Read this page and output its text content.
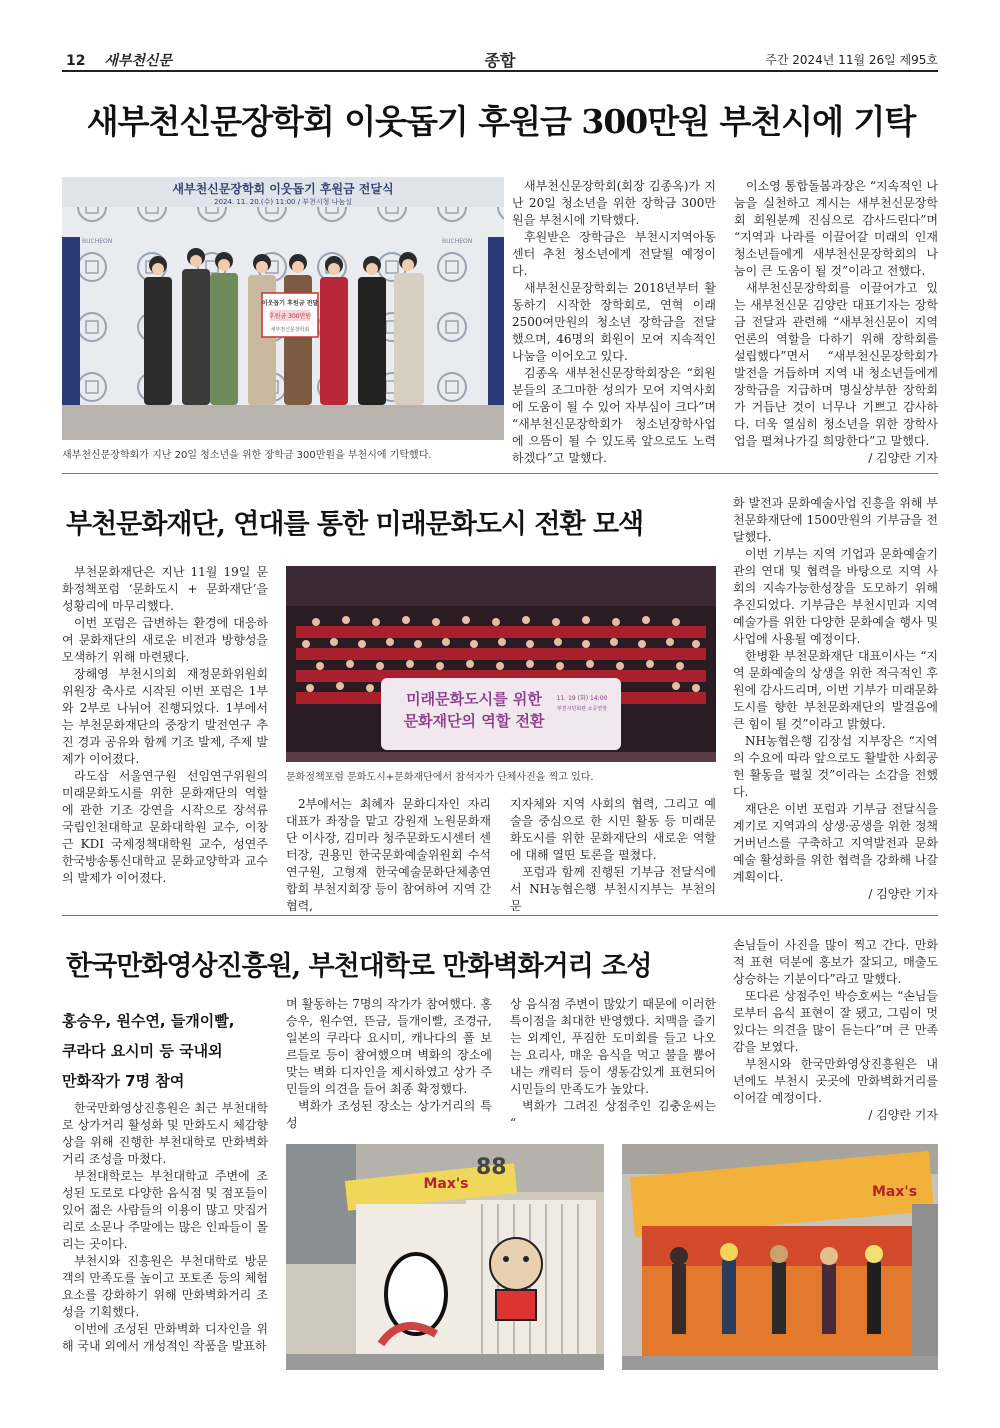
12 새부천신문	종합	주간 2024년 11월 26일 제95호
새부천신문장학회 이웃돕기 후원금 300만원 부천시에 기탁
새부천신문장학회 이웃돕기 후원금 전달식
2024. 11. 20.(수) 11:00 / 부천시청 나눔실
BUCHEON	BUCHEON
이웃돕기 후원금 전달
후원금 300만원
새부천신문장학회
새부천신문장학회가 지난 20일 청소년을 위한 장학금 300만원을 부천시에 기탁했다.

새부천신문장학회(회장 김종옥)가 지난 20일 청소년을 위한 장학금 300만원을 부천시에 기탁했다.

후원받은 장학금은 부천시지역아동센터 추천 청소년에게 전달될 예정이다.

새부천신문장학회는 2018년부터 활동하기 시작한 장학회로, 연혁 이래 2500여만원의 청소년 장학금을 전달했으며, 46명의 회원이 모여 지속적인 나눔을 이어오고 있다.

김종옥 새부천신문장학회장은 “회원분들의 조그마한 성의가 모여 지역사회에 도움이 될 수 있어 자부심이 크다”며 “새부천신문장학회가 청소년장학사업에 으뜸이 될 수 있도록 앞으로도 노력하겠다”고 말했다.

이소영 통합돌봄과장은 “지속적인 나눔을 실천하고 계시는 새부천신문장학회 회원분께 진심으로 감사드린다”며 “지역과 나라를 이끌어갈 미래의 인재 청소년들에게 새부천신문장학회의 나눔이 큰 도움이 될 것”이라고 전했다.

새부천신문장학회를 이끌어가고 있는 새부천신문 김양란 대표기자는 장학금 전달과 관련해 “새부천신문이 지역언론의 역할을 다하기 위해 장학회를 설립했다”면서 “새부천신문장학회가 발전을 거듭하며 지역 내 청소년들에게 장학금을 지급하며 명실상부한 장학회가 거듭난 것이 너무나 기쁘고 감사하다. 더욱 열심히 청소년을 위한 장학사업을 펼쳐나가길 희망한다”고 말했다.

/ 김양란 기자
부천문화재단, 연대를 통한 미래문화도시 전환 모색

부천문화재단은 지난 11월 19일 문화정책포럼 ‘문화도시 + 문화재단’을 성황리에 마무리했다.

이번 포럼은 급변하는 환경에 대응하여 문화재단의 새로운 비전과 방향성을 모색하기 위해 마련됐다.

장해영 부천시의회 재정문화위원회 위원장 축사로 시작된 이번 포럼은 1부와 2부로 나뉘어 진행되었다. 1부에서는 부천문화재단의 중장기 발전연구 추진 경과 공유와 함께 기조 발제, 주제 발제가 이어졌다.

라도삼 서울연구원 선임연구위원의 미래문화도시를 위한 문화재단의 역할에 관한 기조 강연을 시작으로 장석류 국립인천대학교 문화대학원 교수, 이창근 KDI 국제정책대학원 교수, 성연주 한국방송통신대학교 문화교양학과 교수의 발제가 이어졌다.

미래문화도시를 위한
문화재단의 역할 전환
11. 19 (화) 14:00
부천시민회관 소공연장
문화정책포럼 문화도시+문화재단에서 참석자가 단체사진을 찍고 있다.

2부에서는 최혜자 문화디자인 자리 대표가 좌장을 맡고 강원재 노원문화재단 이사장, 김미라 청주문화도시센터 센터장, 권용민 한국문화예술위원회 수석연구원, 고형재 한국예술문화단체총연합회 부천지회장 등이 참여하여 지역 간 협력,

지자체와 지역 사회의 협력, 그리고 예술을 중심으로 한 시민 활동 등 미래문화도시를 위한 문화재단의 새로운 역할에 대해 열띤 토론을 펼쳤다.

포럼과 함께 진행된 기부금 전달식에서 NH농협은행 부천시지부는 부천의 문

화 발전과 문화예술사업 진흥을 위해 부천문화재단에 1500만원의 기부금을 전달했다.

이번 기부는 지역 기업과 문화예술기관의 연대 및 협력을 바탕으로 지역 사회의 지속가능한성장을 도모하기 위해 추진되었다. 기부금은 부천시민과 지역예술가를 위한 다양한 문화예술 행사 및 사업에 사용될 예정이다.

한병환 부천문화재단 대표이사는 “지역 문화예술의 상생을 위한 적극적인 후원에 감사드리며, 이번 기부가 미래문화도시를 향한 부천문화재단의 발걸음에 큰 힘이 될 것”이라고 밝혔다.

NH농협은행 김장섭 지부장은 “지역의 수요에 따라 앞으로도 활발한 사회공헌 활동을 펼칠 것”이라는 소감을 전했다.

재단은 이번 포럼과 기부금 전달식을 계기로 지역과의 상생·공생을 위한 정책 거버넌스를 구축하고 지역발전과 문화예술 활성화를 위한 협력을 강화해 나갈 계획이다.

/ 김양란 기자
한국만화영상진흥원, 부천대학로 만화벽화거리 조성
홍승우, 원수연, 들개이빨,
쿠라다 요시미 등 국내외
만화작가 7명 참여

한국만화영상진흥원은 최근 부천대학로 상가거리 활성화 및 만화도시 체감향상을 위해 진행한 부천대학로 만화벽화거리 조성을 마쳤다.

부천대학로는 부천대학교 주변에 조성된 도로로 다양한 음식점 및 점포들이 있어 젊은 사람들의 이용이 많고 맛집거리로 소문나 주말에는 많은 인파들이 몰리는 곳이다.

부천시와 진흥원은 부천대학로 방문객의 만족도를 높이고 포토존 등의 체험요소를 강화하기 위해 만화벽화거리 조성을 기획했다.

이번에 조성된 만화벽화 디자인을 위해 국내 외에서 개성적인 작품을 발표하

며 활동하는 7명의 작가가 참여했다. 홍승우, 원수연, 뜬금, 들개이빨, 조경규, 일본의 쿠라다 요시미, 캐나다의 폴 보르들로 등이 참여했으며 벽화의 장소에 맞는 벽화 디자인을 제시하였고 상가 주민들의 의견을 들어 최종 확정했다.

벽화가 조성된 장소는 상가거리의 특성

상 음식점 주변이 많았기 때문에 이러한 특이점을 최대한 반영했다. 치맥을 즐기는 외계인, 푸짐한 도미회를 들고 나오는 요리사, 매운 음식을 먹고 불을 뿜어내는 캐릭터 등이 생동감있게 표현되어 시민들의 만족도가 높았다.

벽화가 그려진 상점주인 김충운씨는 “

손님들이 사진을 많이 찍고 간다. 만화적 표현 덕분에 홍보가 잘되고, 매출도 상승하는 기분이다”라고 말했다.

또다른 상점주인 박승호씨는 “손님들로부터 음식 표현이 잘 됐고, 그림이 멋있다는 의견을 많이 듣는다”며 큰 만족감을 보였다.

부천시와 한국만화영상진흥원은 내년에도 부천시 곳곳에 만화벽화거리를 이어갈 예정이다.

/ 김양란 기자
Max's
88
Max's
